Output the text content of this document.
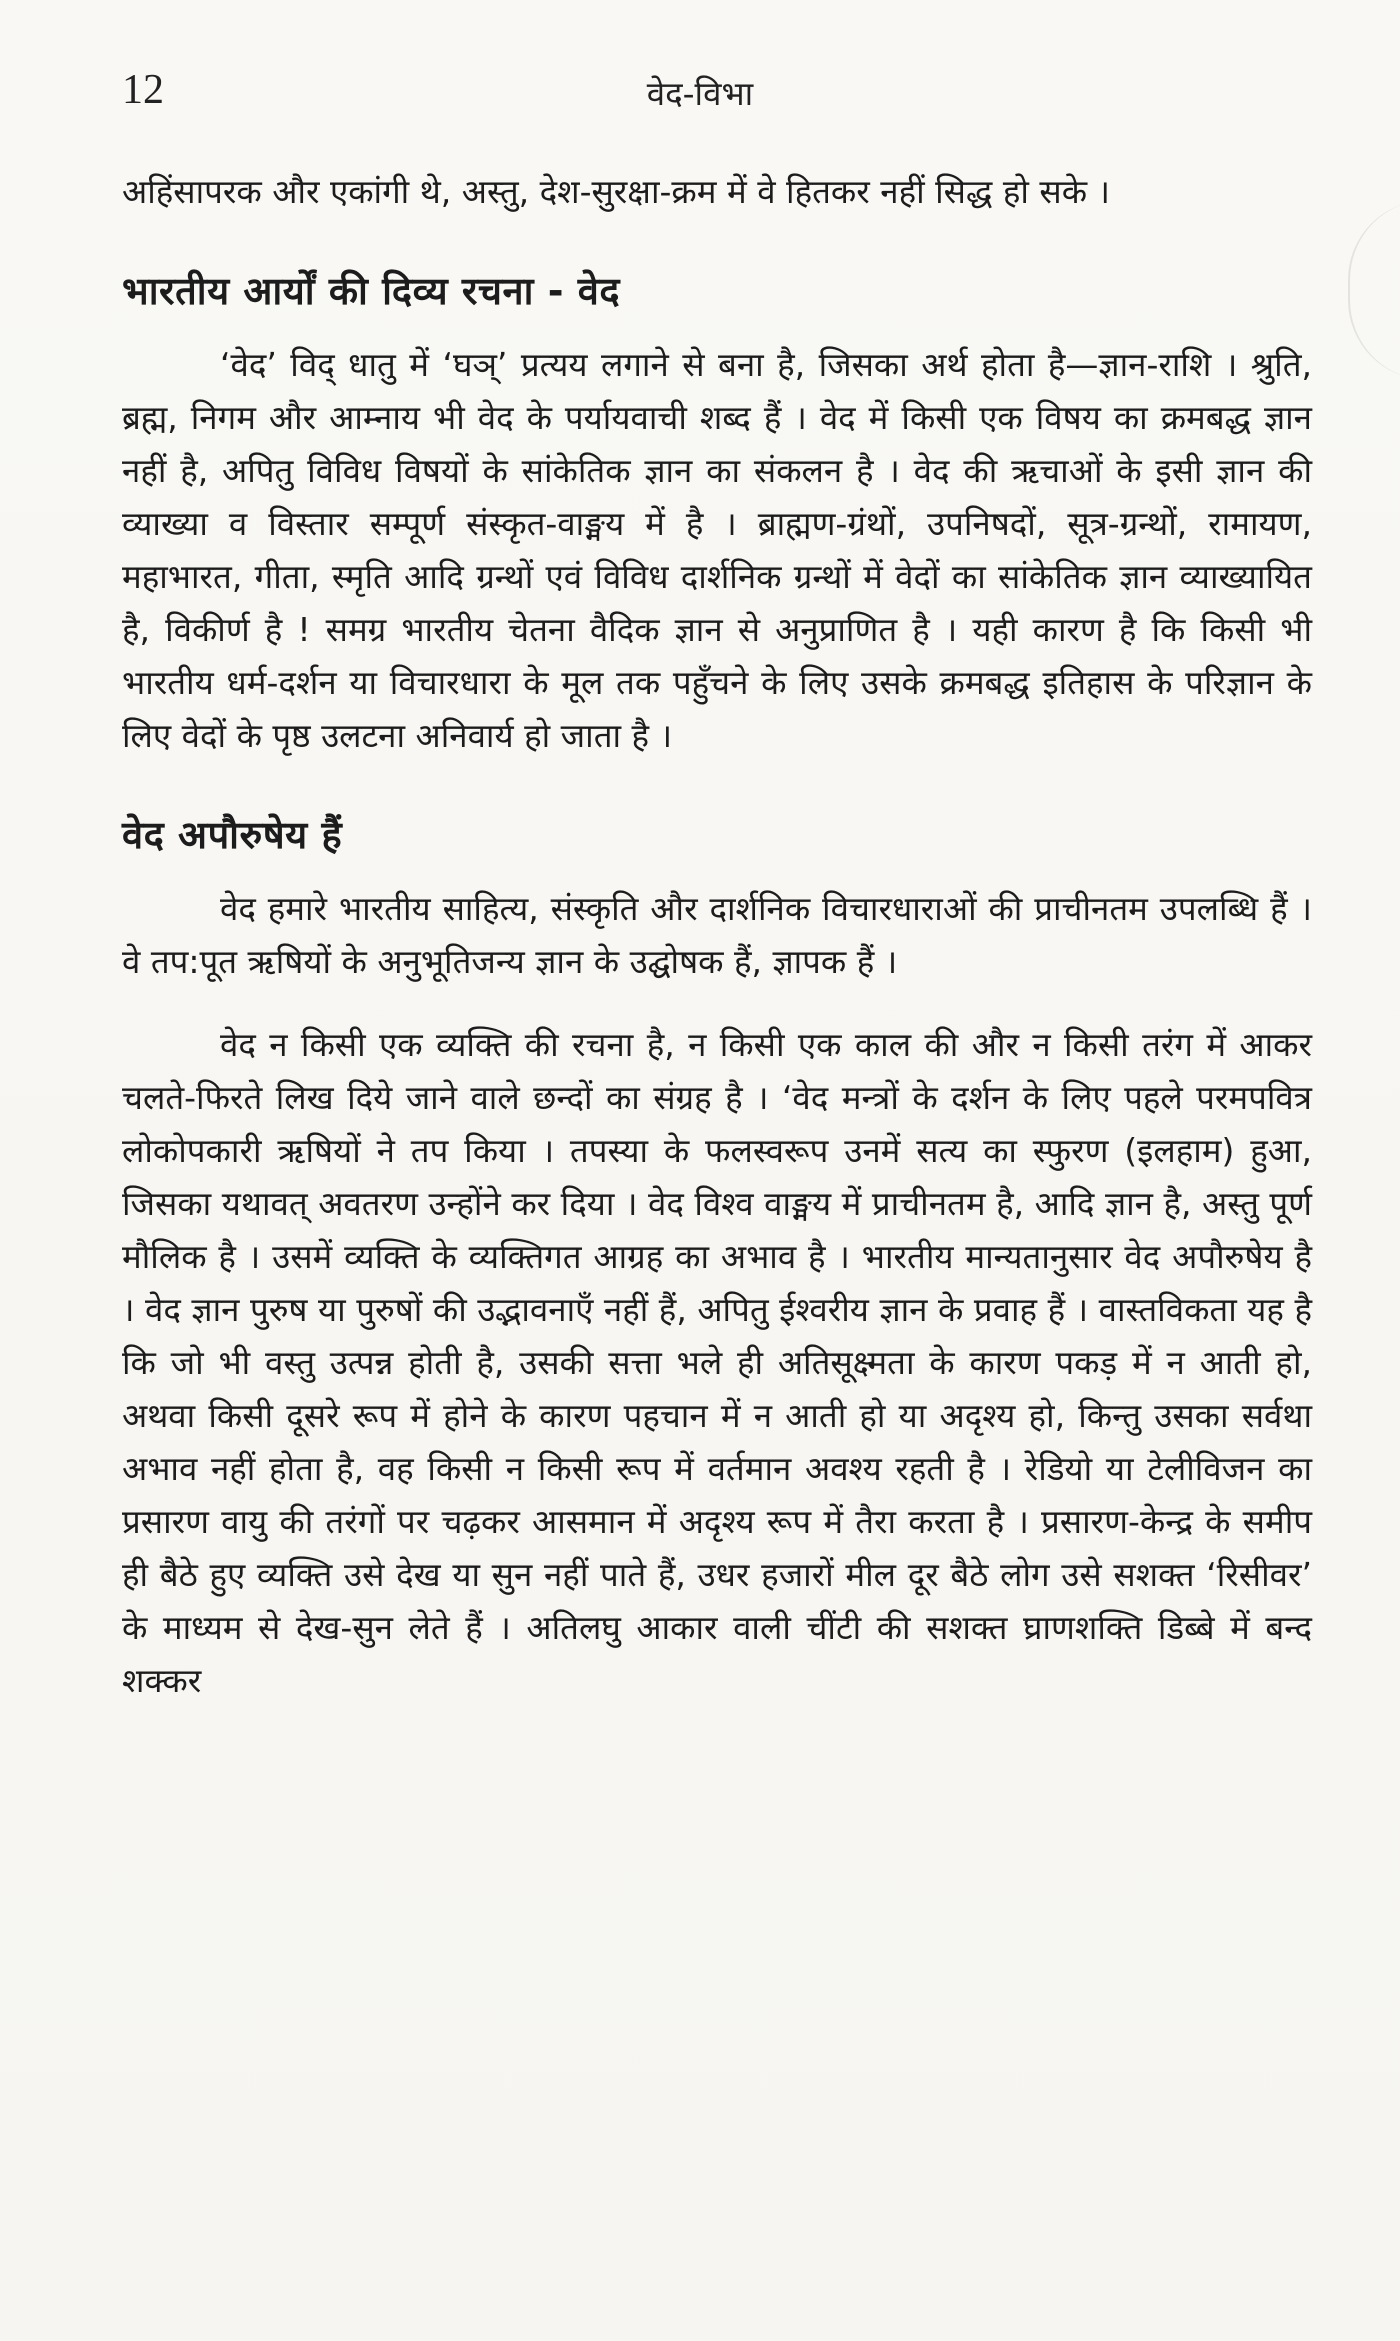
12	वेद-विभा

अहिंसापरक और एकांगी थे, अस्तु, देश-सुरक्षा-क्रम में वे हितकर नहीं सिद्ध हो सके ।

भारतीय आर्यों की दिव्य रचना - वेद

‘वेद’ विद् धातु में ‘घञ्’ प्रत्यय लगाने से बना है, जिसका अर्थ होता है—ज्ञान-राशि । श्रुति, ब्रह्म, निगम और आम्नाय भी वेद के पर्यायवाची शब्द हैं । वेद में किसी एक विषय का क्रमबद्ध ज्ञान नहीं है, अपितु विविध विषयों के सांकेतिक ज्ञान का संकलन है । वेद की ऋचाओं के इसी ज्ञान की व्याख्या व विस्तार सम्पूर्ण संस्कृत-वाङ्मय में है । ब्राह्मण-ग्रंथों, उपनिषदों, सूत्र-ग्रन्थों, रामायण, महाभारत, गीता, स्मृति आदि ग्रन्थों एवं विविध दार्शनिक ग्रन्थों में वेदों का सांकेतिक ज्ञान व्याख्यायित है, विकीर्ण है ! समग्र भारतीय चेतना वैदिक ज्ञान से अनुप्राणित है । यही कारण है कि किसी भी भारतीय धर्म-दर्शन या विचारधारा के मूल तक पहुँचने के लिए उसके क्रमबद्ध इतिहास के परिज्ञान के लिए वेदों के पृष्ठ उलटना अनिवार्य हो जाता है ।

वेद अपौरुषेय हैं

वेद हमारे भारतीय साहित्य, संस्कृति और दार्शनिक विचारधाराओं की प्राचीनतम उपलब्धि हैं । वे तप:पूत ऋषियों के अनुभूतिजन्य ज्ञान के उद्घोषक हैं, ज्ञापक हैं ।

वेद न किसी एक व्यक्ति की रचना है, न किसी एक काल की और न किसी तरंग में आकर चलते-फिरते लिख दिये जाने वाले छन्दों का संग्रह है । ‘वेद मन्त्रों के दर्शन के लिए पहले परमपवित्र लोकोपकारी ऋषियों ने तप किया । तपस्या के फलस्वरूप उनमें सत्य का स्फुरण (इलहाम) हुआ, जिसका यथावत् अवतरण उन्होंने कर दिया । वेद विश्व वाङ्मय में प्राचीनतम है, आदि ज्ञान है, अस्तु पूर्ण मौलिक है । उसमें व्यक्ति के व्यक्तिगत आग्रह का अभाव है । भारतीय मान्यतानुसार वेद अपौरुषेय है । वेद ज्ञान पुरुष या पुरुषों की उद्भावनाएँ नहीं हैं, अपितु ईश्वरीय ज्ञान के प्रवाह हैं । वास्तविकता यह है कि जो भी वस्तु उत्पन्न होती है, उसकी सत्ता भले ही अतिसूक्ष्मता के कारण पकड़ में न आती हो, अथवा किसी दूसरे रूप में होने के कारण पहचान में न आती हो या अदृश्य हो, किन्तु उसका सर्वथा अभाव नहीं होता है, वह किसी न किसी रूप में वर्तमान अवश्य रहती है । रेडियो या टेलीविजन का प्रसारण वायु की तरंगों पर चढ़कर आसमान में अदृश्य रूप में तैरा करता है । प्रसारण-केन्द्र के समीप ही बैठे हुए व्यक्ति उसे देख या सुन नहीं पाते हैं, उधर हजारों मील दूर बैठे लोग उसे सशक्त ‘रिसीवर’ के माध्यम से देख-सुन लेते हैं । अतिलघु आकार वाली चींटी की सशक्त घ्राणशक्ति डिब्बे में बन्द शक्कर
